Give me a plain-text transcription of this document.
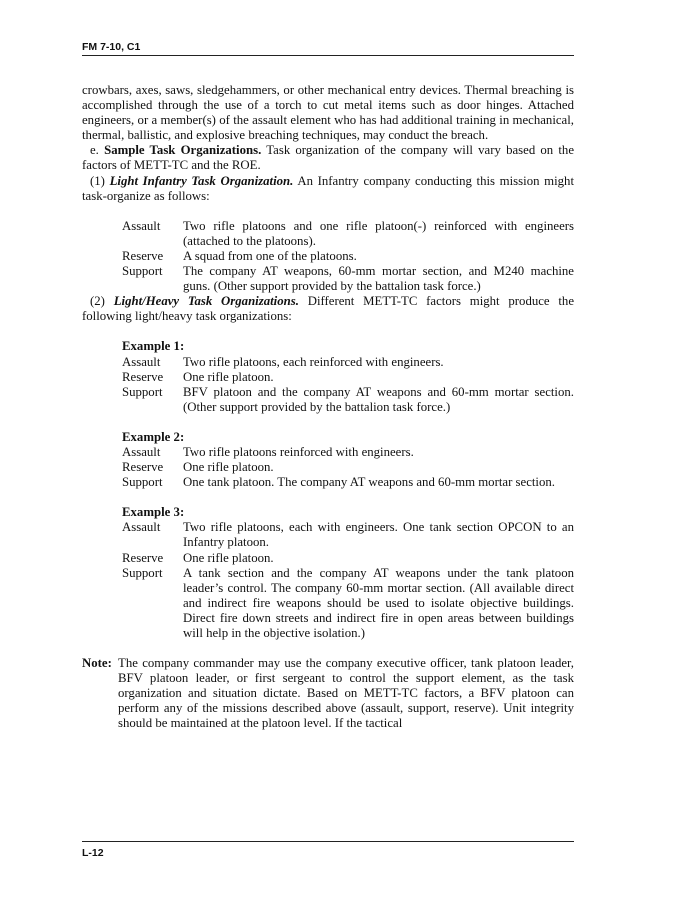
FM 7-10, C1

crowbars, axes, saws, sledgehammers, or other mechanical entry devices. Thermal breaching is accomplished through the use of a torch to cut metal items such as door hinges. Attached engineers, or a member(s) of the assault element who has had additional training in mechanical, thermal, ballistic, and explosive breaching techniques, may conduct the breach.

e. Sample Task Organizations. Task organization of the company will vary based on the factors of METT-TC and the ROE.

(1) Light Infantry Task Organization. An Infantry company conducting this mission might task-organize as follows:

Assault	Two rifle platoons and one rifle platoon(-) reinforced with engineers (attached to the platoons).
Reserve	A squad from one of the platoons.
Support	The company AT weapons, 60-mm mortar section, and M240 machine guns. (Other support provided by the battalion task force.)

(2) Light/Heavy Task Organizations. Different METT-TC factors might produce the following light/heavy task organizations:

Example 1:

Assault	Two rifle platoons, each reinforced with engineers.
Reserve	One rifle platoon.
Support	BFV platoon and the company AT weapons and 60-mm mortar section. (Other support provided by the battalion task force.)

Example 2:

Assault	Two rifle platoons reinforced with engineers.
Reserve	One rifle platoon.
Support	One tank platoon. The company AT weapons and 60-mm mortar section.

Example 3:

Assault	Two rifle platoons, each with engineers. One tank section OPCON to an Infantry platoon.
Reserve	One rifle platoon.
Support	A tank section and the company AT weapons under the tank platoon leader’s control. The company 60-mm mortar section. (All available direct and indirect fire weapons should be used to isolate objective buildings. Direct fire down streets and indirect fire in open areas between buildings will help in the objective isolation.)
Note: The company commander may use the company executive officer, tank platoon leader, BFV platoon leader, or first sergeant to control the support element, as the task organization and situation dictate. Based on METT-TC factors, a BFV platoon can perform any of the missions described above (assault, support, reserve). Unit integrity should be maintained at the platoon level. If the tactical
L-12
